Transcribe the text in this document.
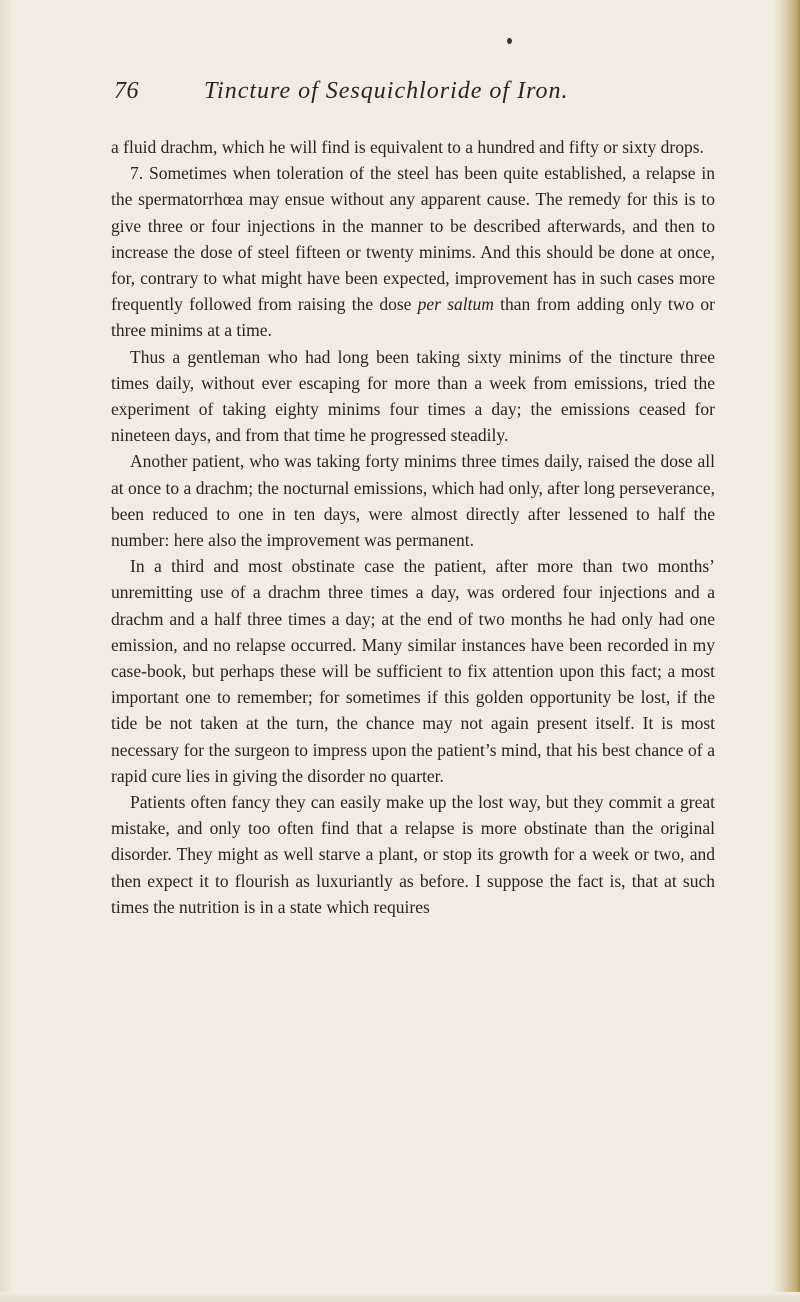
76	Tincture of Sesquichloride of Iron.

a fluid drachm, which he will find is equivalent to a hundred and fifty or sixty drops.

7. Sometimes when toleration of the steel has been quite established, a relapse in the spermatorrhœa may ensue without any apparent cause. The remedy for this is to give three or four injections in the manner to be described afterwards, and then to increase the dose of steel fifteen or twenty minims. And this should be done at once, for, contrary to what might have been expected, improvement has in such cases more frequently followed from raising the dose per saltum than from adding only two or three minims at a time.

Thus a gentleman who had long been taking sixty minims of the tincture three times daily, without ever escaping for more than a week from emissions, tried the experiment of taking eighty minims four times a day; the emissions ceased for nineteen days, and from that time he progressed steadily.

Another patient, who was taking forty minims three times daily, raised the dose all at once to a drachm; the nocturnal emissions, which had only, after long perseverance, been reduced to one in ten days, were almost directly after lessened to half the number: here also the improvement was permanent.

In a third and most obstinate case the patient, after more than two months’ unremitting use of a drachm three times a day, was ordered four injections and a drachm and a half three times a day; at the end of two months he had only had one emission, and no relapse occurred. Many similar instances have been recorded in my case-book, but perhaps these will be sufficient to fix attention upon this fact; a most important one to remember; for sometimes if this golden opportunity be lost, if the tide be not taken at the turn, the chance may not again present itself. It is most necessary for the surgeon to impress upon the patient’s mind, that his best chance of a rapid cure lies in giving the disorder no quarter.

Patients often fancy they can easily make up the lost way, but they commit a great mistake, and only too often find that a relapse is more obstinate than the original disorder. They might as well starve a plant, or stop its growth for a week or two, and then expect it to flourish as luxuriantly as before. I suppose the fact is, that at such times the nutrition is in a state which requires
